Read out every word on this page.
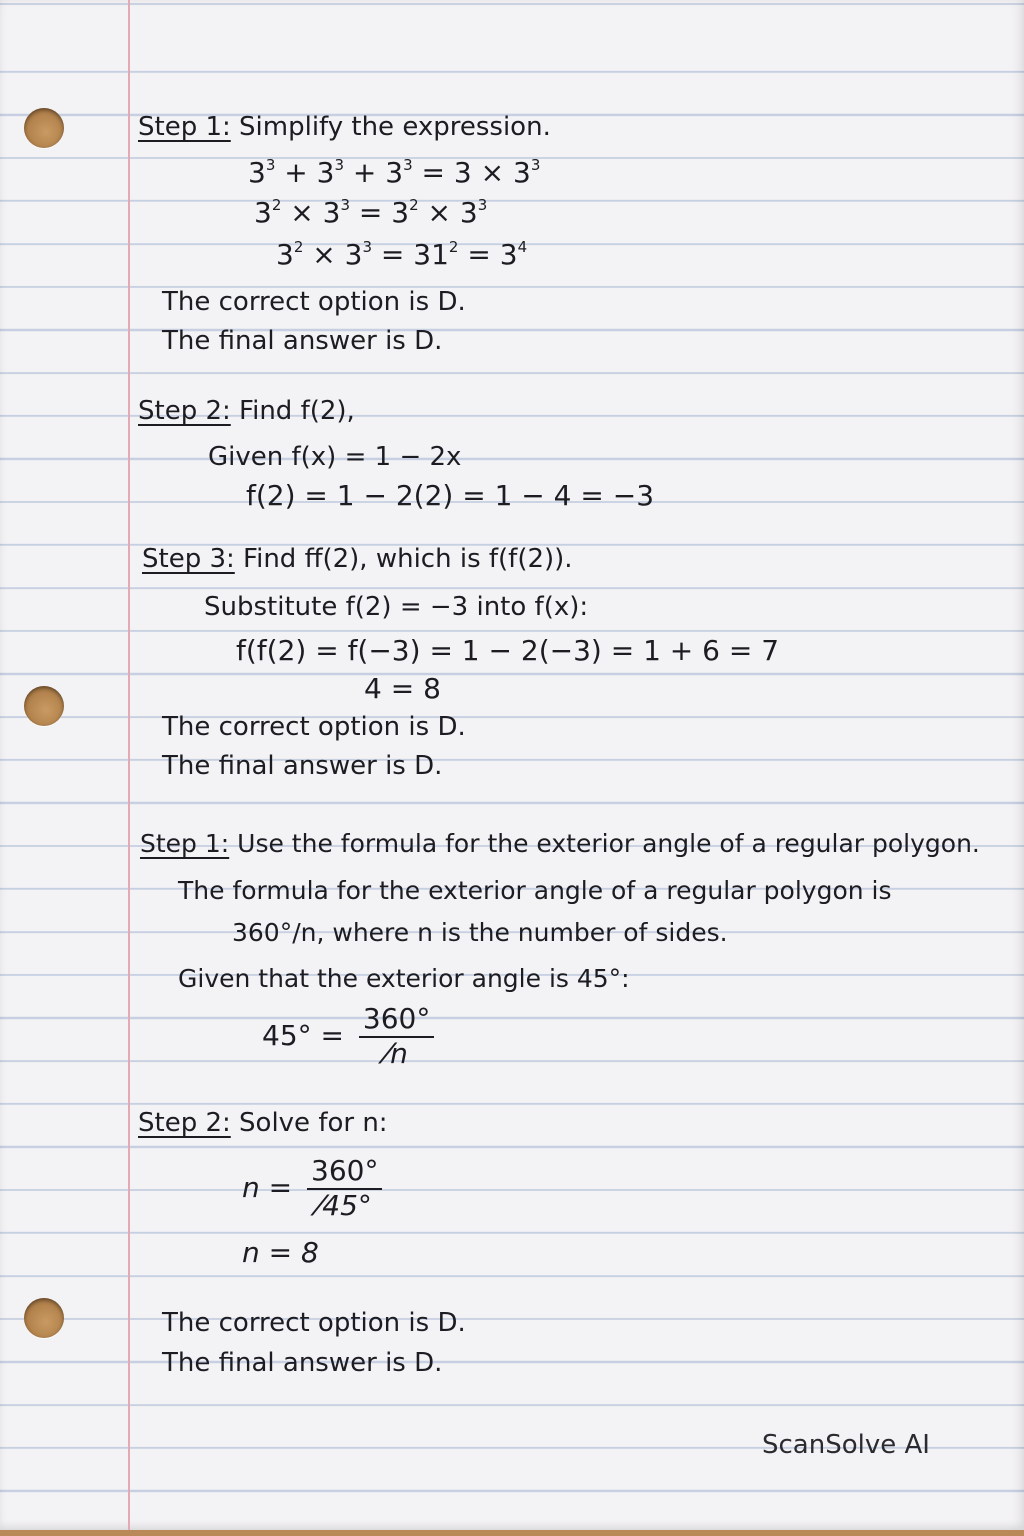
Step 1: Simplify the expression.
$3^3 + 3^3 + 3^3 = 3 \times 3^3$
$3^2 \times 3^3 = 3^2 \times 3^3$
$3^2 \times 3^3 = 31^2 = 3^4$
The correct option is D.
The final answer is D.
Step 2: Find f(2),
Given f(x) = 1 − 2x
f(2) = 1 − 2(2) = 1 − 4 = −3
Step 3: Find ff(2), which is f(f(2)).
Substitute f(2) = −3 into f(x):
f(f(2) = f(−3) = 1 − 2(−3) = 1 + 6 = 7
4 = 8
The correct option is D.
The final answer is D.
Step 1: Use the formula for the exterior angle of a regular polygon.
The formula for the exterior angle of a regular polygon is
360°/n, where n is the number of sides.
Given that the exterior angle is 45°:
$45^\circ = \frac{360^\circ}{⁄n}$
Step 2: Solve for n:
$n = \frac{360^\circ}{⁄45^\circ}$
n = 8
The correct option is D.
The final answer is D.
ScanSolve AI
